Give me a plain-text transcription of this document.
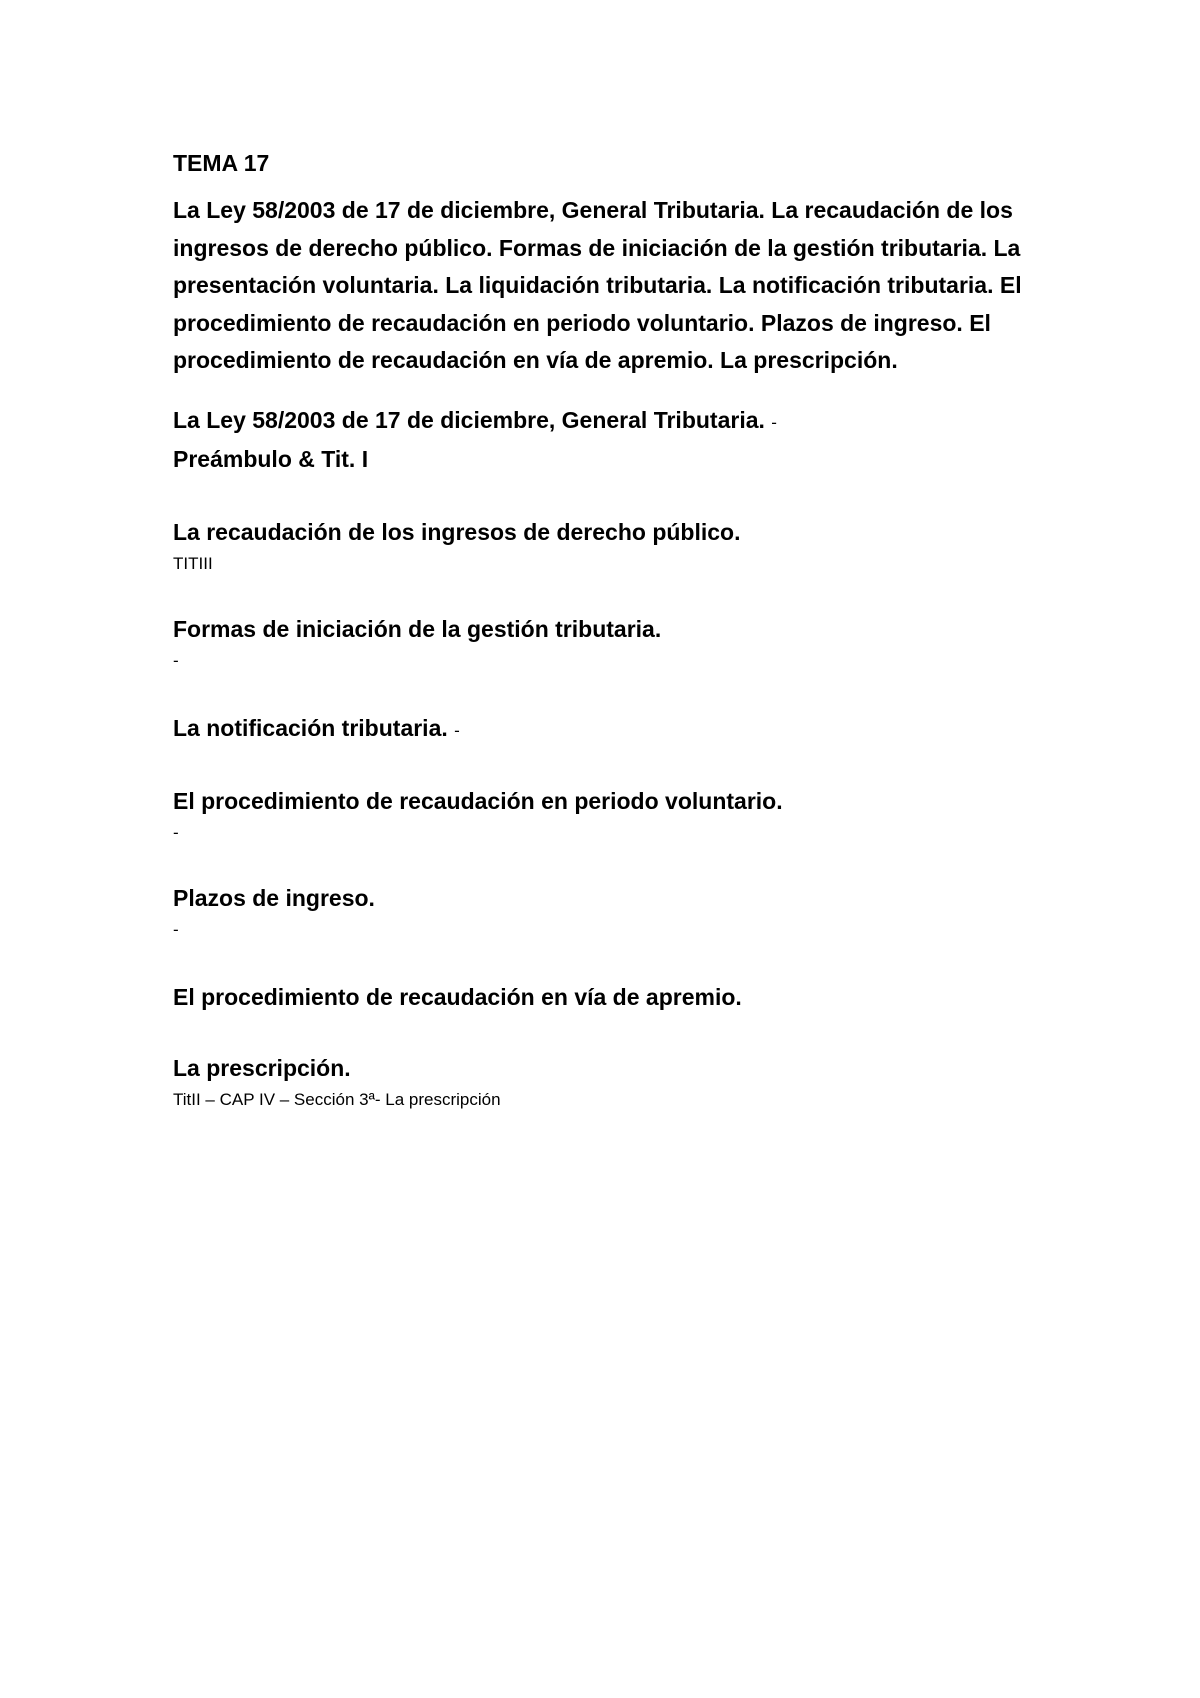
TEMA 17
La Ley 58/2003 de 17 de diciembre, General Tributaria. La recaudación de los ingresos de derecho público. Formas de iniciación de la gestión tributaria. La presentación voluntaria. La liquidación tributaria. La notificación tributaria. El procedimiento de recaudación en periodo voluntario. Plazos de ingreso. El procedimiento de recaudación en vía de apremio. La prescripción.
La Ley 58/2003 de 17 de diciembre, General Tributaria. -
Preámbulo & Tit. I
La recaudación de los ingresos de derecho público.
TITIII
Formas de iniciación de la gestión tributaria.
-
La notificación tributaria. -
El procedimiento de recaudación en periodo voluntario.
-
Plazos de ingreso.
-
El procedimiento de recaudación en vía de apremio.
La prescripción.
TitII – CAP IV – Sección 3ª- La prescripción
